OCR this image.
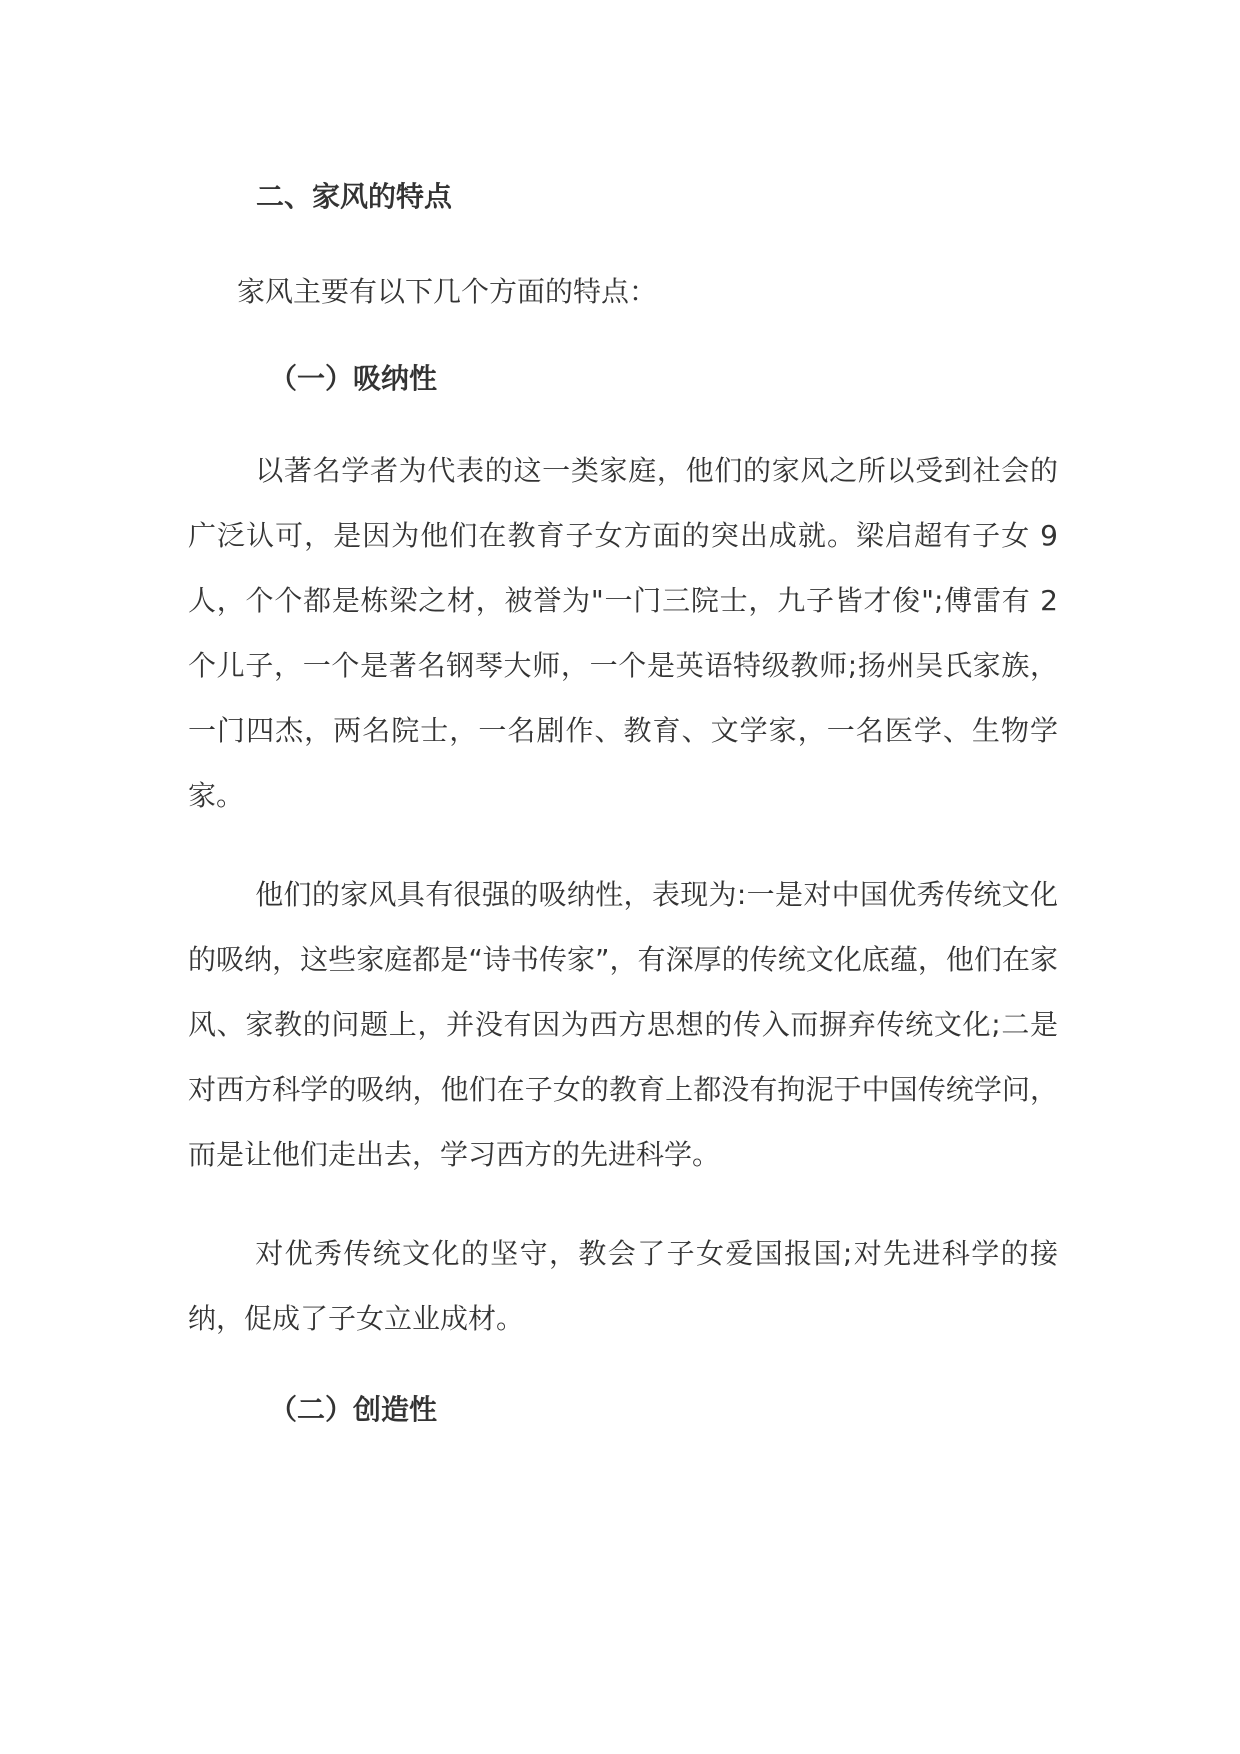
二、家风的特点

家风主要有以下几个方面的特点：

（一）吸纳性

以著名学者为代表的这一类家庭，他们的家风之所以受到社会的广泛认可，是因为他们在教育子女方面的突出成就。梁启超有子女 9 人，个个都是栋梁之材，被誉为"一门三院士，九子皆才俊";傅雷有 2 个儿子，一个是著名钢琴大师，一个是英语特级教师;扬州吴氏家族，一门四杰，两名院士，一名剧作、教育、文学家，一名医学、生物学家。

他们的家风具有很强的吸纳性，表现为:一是对中国优秀传统文化的吸纳，这些家庭都是“诗书传家”，有深厚的传统文化底蕴，他们在家风、家教的问题上，并没有因为西方思想的传入而摒弃传统文化;二是对西方科学的吸纳，他们在子女的教育上都没有拘泥于中国传统学问，而是让他们走出去，学习西方的先进科学。

对优秀传统文化的坚守，教会了子女爱国报国;对先进科学的接纳，促成了子女立业成材。

（二）创造性
